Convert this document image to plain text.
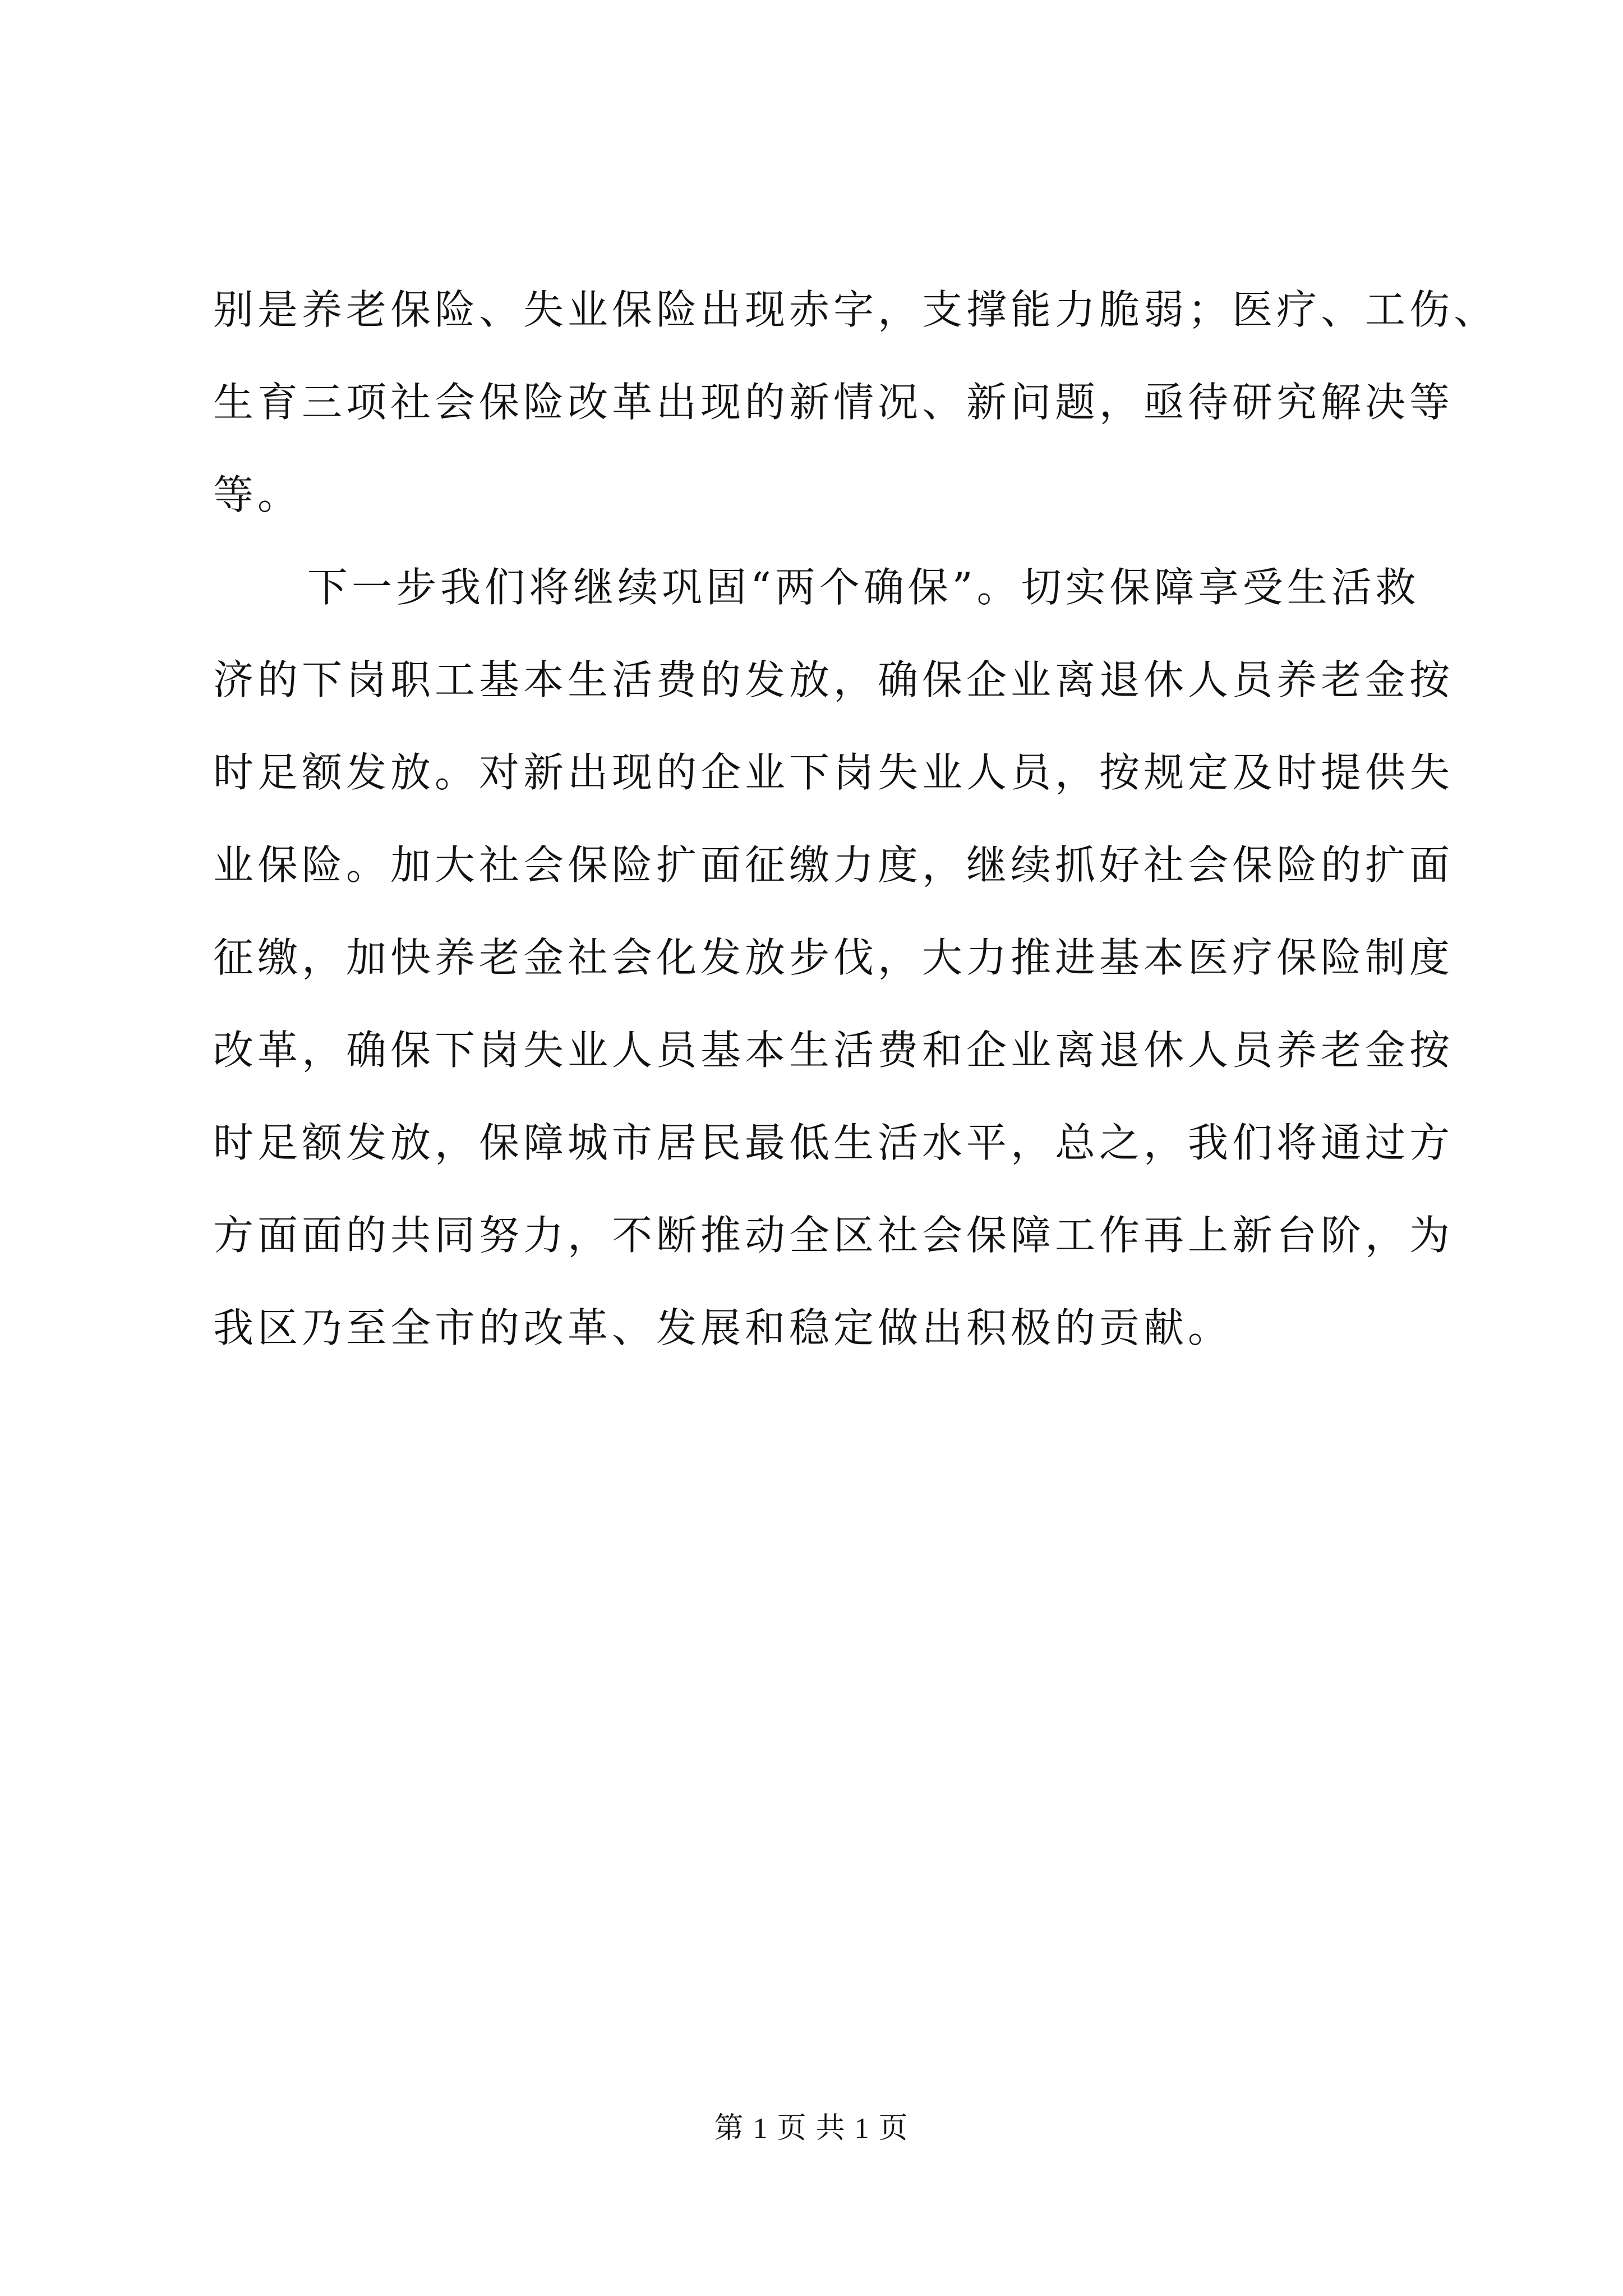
别是养老保险、失业保险出现赤字，支撑能力脆弱；医疗、工伤、
生育三项社会保险改革出现的新情况、新问题，亟待研究解决等
等。
下一步我们将继续巩固“两个确保”。切实保障享受生活救
济的下岗职工基本生活费的发放，确保企业离退休人员养老金按
时足额发放。对新出现的企业下岗失业人员，按规定及时提供失
业保险。加大社会保险扩面征缴力度，继续抓好社会保险的扩面
征缴，加快养老金社会化发放步伐，大力推进基本医疗保险制度
改革，确保下岗失业人员基本生活费和企业离退休人员养老金按
时足额发放，保障城市居民最低生活水平，总之，我们将通过方
方面面的共同努力，不断推动全区社会保障工作再上新台阶，为
我区乃至全市的改革、发展和稳定做出积极的贡献。
第 1 页 共 1 页
